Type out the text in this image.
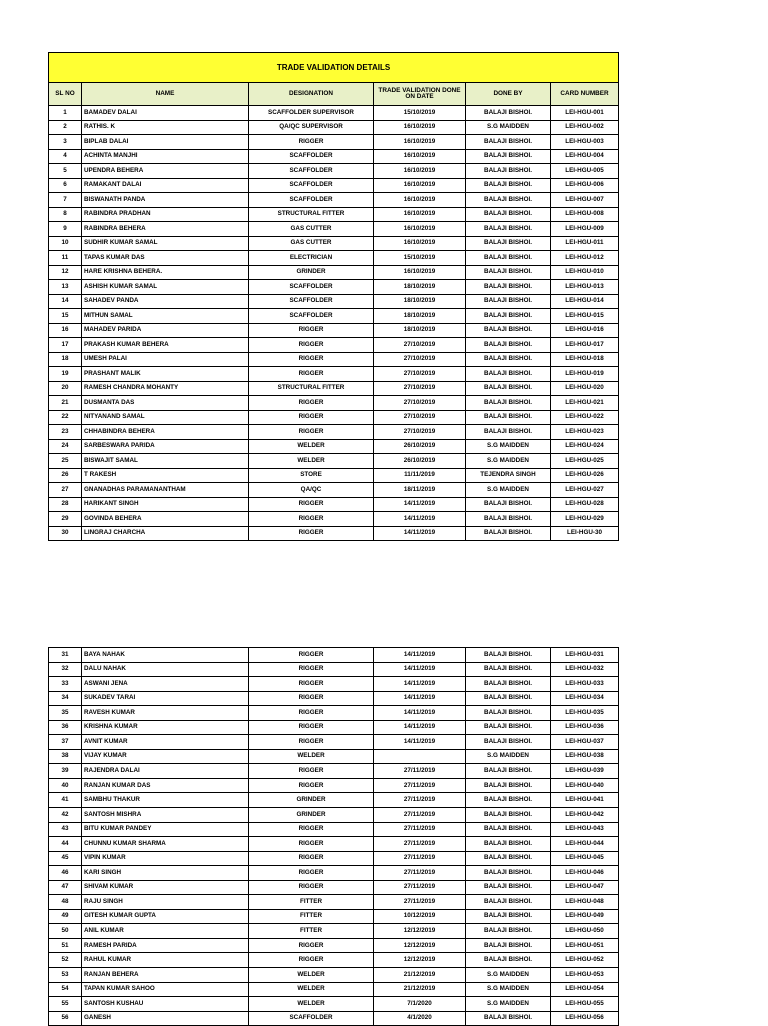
TRADE VALIDATION DETAILS					
SL NO	NAME	DESIGNATION	TRADE VALIDATION DONE ON DATE	DONE BY	CARD NUMBER
1	BAMADEV DALAI	SCAFFOLDER SUPERVISOR	15/10/2019	BALAJI BISHOI.	LEI-HGU-001
2	RATHIS. K	QA/QC SUPERVISOR	16/10/2019	S.G MAIDDEN	LEI-HGU-002
3	BIPLAB DALAI	RIGGER	16/10/2019	BALAJI BISHOI.	LEI-HGU-003
4	ACHINTA MANJHI	SCAFFOLDER	16/10/2019	BALAJI BISHOI.	LEI-HGU-004
5	UPENDRA BEHERA	SCAFFOLDER	16/10/2019	BALAJI BISHOI.	LEI-HGU-005
6	RAMAKANT DALAI	SCAFFOLDER	16/10/2019	BALAJI BISHOI.	LEI-HGU-006
7	BISWANATH PANDA	SCAFFOLDER	16/10/2019	BALAJI BISHOI.	LEI-HGU-007
8	RABINDRA PRADHAN	STRUCTURAL FITTER	16/10/2019	BALAJI BISHOI.	LEI-HGU-008
9	RABINDRA BEHERA	GAS CUTTER	16/10/2019	BALAJI BISHOI.	LEI-HGU-009
10	SUDHIR KUMAR SAMAL	GAS CUTTER	16/10/2019	BALAJI BISHOI.	LEI-HGU-011
11	TAPAS KUMAR DAS	ELECTRICIAN	15/10/2019	BALAJI BISHOI.	LEI-HGU-012
12	HARE KRISHNA BEHERA.	GRINDER	16/10/2019	BALAJI BISHOI.	LEI-HGU-010
13	ASHISH KUMAR SAMAL	SCAFFOLDER	18/10/2019	BALAJI BISHOI.	LEI-HGU-013
14	SAHADEV PANDA	SCAFFOLDER	18/10/2019	BALAJI BISHOI.	LEI-HGU-014
15	MITHUN SAMAL	SCAFFOLDER	18/10/2019	BALAJI BISHOI.	LEI-HGU-015
16	MAHADEV PARIDA	RIGGER	18/10/2019	BALAJI BISHOI.	LEI-HGU-016
17	PRAKASH KUMAR BEHERA	RIGGER	27/10/2019	BALAJI BISHOI.	LEI-HGU-017
18	UMESH PALAI	RIGGER	27/10/2019	BALAJI BISHOI.	LEI-HGU-018
19	PRASHANT MALIK	RIGGER	27/10/2019	BALAJI BISHOI.	LEI-HGU-019
20	RAMESH CHANDRA MOHANTY	STRUCTURAL FITTER	27/10/2019	BALAJI BISHOI.	LEI-HGU-020
21	DUSMANTA DAS	RIGGER	27/10/2019	BALAJI BISHOI.	LEI-HGU-021
22	NITYANAND SAMAL	RIGGER	27/10/2019	BALAJI BISHOI.	LEI-HGU-022
23	CHHABINDRA BEHERA	RIGGER	27/10/2019	BALAJI BISHOI.	LEI-HGU-023
24	SARBESWARA PARIDA	WELDER	26/10/2019	S.G MAIDDEN	LEI-HGU-024
25	BISWAJIT SAMAL	WELDER	26/10/2019	S.G MAIDDEN	LEI-HGU-025
26	T RAKESH	STORE	11/11/2019	TEJENDRA SINGH	LEI-HGU-026
27	GNANADHAS PARAMANANTHAM	QA/QC	18/11/2019	S.G MAIDDEN	LEI-HGU-027
28	HARIKANT SINGH	RIGGER	14/11/2019	BALAJI BISHOI.	LEI-HGU-028
29	GOVINDA BEHERA	RIGGER	14/11/2019	BALAJI BISHOI.	LEI-HGU-029
30	LINGRAJ CHARCHA	RIGGER	14/11/2019	BALAJI BISHOI.	LEI-HGU-30
31	BAYA NAHAK	RIGGER	14/11/2019	BALAJI BISHOI.	LEI-HGU-031
32	DALU NAHAK	RIGGER	14/11/2019	BALAJI BISHOI.	LEI-HGU-032
33	ASWANI JENA	RIGGER	14/11/2019	BALAJI BISHOI.	LEI-HGU-033
34	SUKADEV TARAI	RIGGER	14/11/2019	BALAJI BISHOI.	LEI-HGU-034
35	RAVESH KUMAR	RIGGER	14/11/2019	BALAJI BISHOI.	LEI-HGU-035
36	KRISHNA KUMAR	RIGGER	14/11/2019	BALAJI BISHOI.	LEI-HGU-036
37	AVNIT KUMAR	RIGGER	14/11/2019	BALAJI BISHOI.	LEI-HGU-037
38	VIJAY KUMAR	WELDER		S.G MAIDDEN	LEI-HGU-038
39	RAJENDRA DALAI	RIGGER	27/11/2019	BALAJI BISHOI.	LEI-HGU-039
40	RANJAN KUMAR DAS	RIGGER	27/11/2019	BALAJI BISHOI.	LEI-HGU-040
41	SAMBHU THAKUR	GRINDER	27/11/2019	BALAJI BISHOI.	LEI-HGU-041
42	SANTOSH MISHRA	GRINDER	27/11/2019	BALAJI BISHOI.	LEI-HGU-042
43	BITU KUMAR PANDEY	RIGGER	27/11/2019	BALAJI BISHOI.	LEI-HGU-043
44	CHUNNU KUMAR SHARMA	RIGGER	27/11/2019	BALAJI BISHOI.	LEI-HGU-044
45	VIPIN KUMAR	RIGGER	27/11/2019	BALAJI BISHOI.	LEI-HGU-045
46	KARI SINGH	RIGGER	27/11/2019	BALAJI BISHOI.	LEI-HGU-046
47	SHIVAM KUMAR	RIGGER	27/11/2019	BALAJI BISHOI.	LEI-HGU-047
48	RAJU SINGH	FITTER	27/11/2019	BALAJI BISHOI.	LEI-HGU-048
49	GITESH KUMAR GUPTA	FITTER	10/12/2019	BALAJI BISHOI.	LEI-HGU-049
50	ANIL KUMAR	FITTER	12/12/2019	BALAJI BISHOI.	LEI-HGU-050
51	RAMESH PARIDA	RIGGER	12/12/2019	BALAJI BISHOI.	LEI-HGU-051
52	RAHUL KUMAR	RIGGER	12/12/2019	BALAJI BISHOI.	LEI-HGU-052
53	RANJAN BEHERA	WELDER	21/12/2019	S.G MAIDDEN	LEI-HGU-053
54	TAPAN KUMAR SAHOO	WELDER	21/12/2019	S.G MAIDDEN	LEI-HGU-054
55	SANTOSH KUSHAU	WELDER	7/1/2020	S.G MAIDDEN	LEI-HGU-055
56	GANESH	SCAFFOLDER	4/1/2020	BALAJI BISHOI.	LEI-HGU-056
